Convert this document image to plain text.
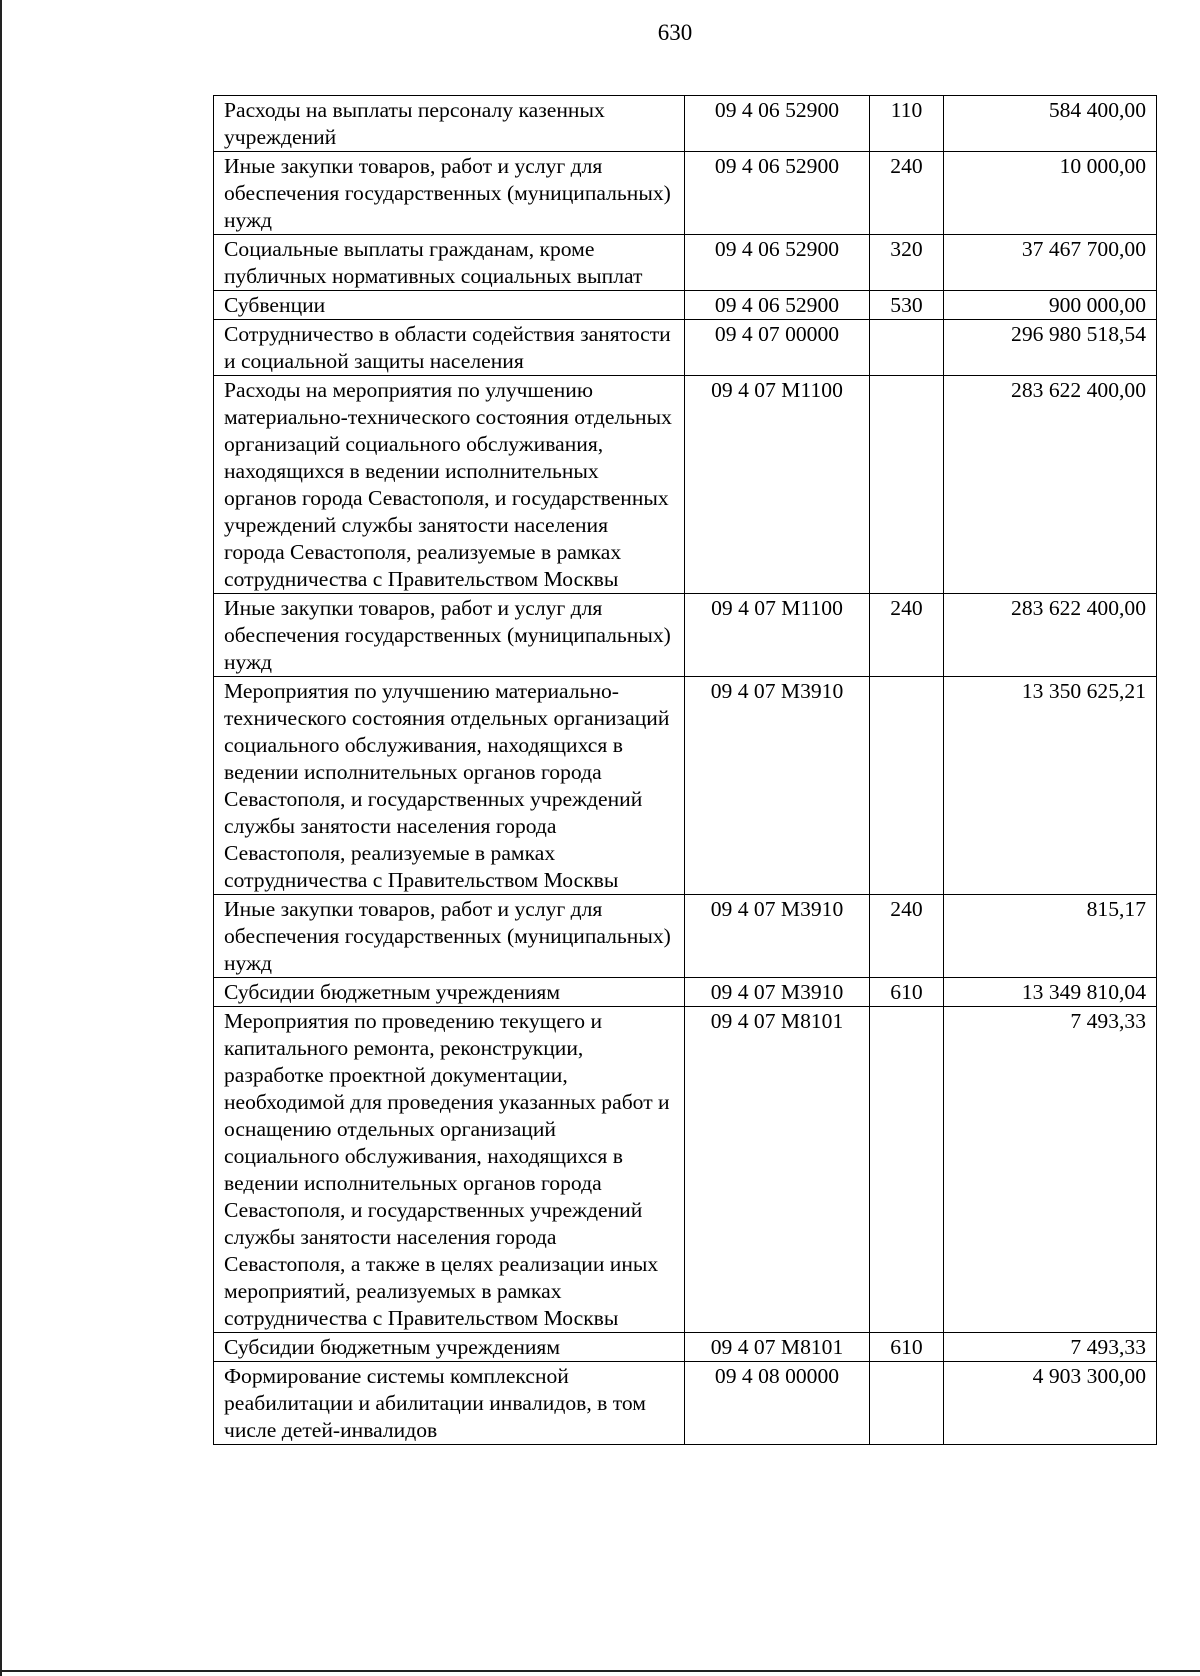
630
Расходы на выплаты персоналу казенных учреждений	09 4 06 52900	110	584 400,00
Иные закупки товаров, работ и услуг для обеспечения государственных (муниципальных) нужд	09 4 06 52900	240	10 000,00
Социальные выплаты гражданам, кроме публичных нормативных социальных выплат	09 4 06 52900	320	37 467 700,00
Субвенции	09 4 06 52900	530	900 000,00
Сотрудничество в области содействия занятости и социальной защиты населения	09 4 07 00000		296 980 518,54
Расходы на мероприятия по улучшению материально-технического состояния отдельных организаций социального обслуживания, находящихся в ведении исполнительных органов города Севастополя, и государственных учреждений службы занятости населения города Севастополя, реализуемые в рамках сотрудничества с Правительством Москвы	09 4 07 М1100		283 622 400,00
Иные закупки товаров, работ и услуг для обеспечения государственных (муниципальных) нужд	09 4 07 М1100	240	283 622 400,00
Мероприятия по улучшению материально-технического состояния отдельных организаций социального обслуживания, находящихся в ведении исполнительных органов города Севастополя, и государственных учреждений службы занятости населения города Севастополя, реализуемые в рамках сотрудничества с Правительством Москвы	09 4 07 М3910		13 350 625,21
Иные закупки товаров, работ и услуг для обеспечения государственных (муниципальных) нужд	09 4 07 М3910	240	815,17
Субсидии бюджетным учреждениям	09 4 07 М3910	610	13 349 810,04
Мероприятия по проведению текущего и капитального ремонта, реконструкции, разработке проектной документации, необходимой для проведения указанных работ и оснащению отдельных организаций социального обслуживания, находящихся в ведении исполнительных органов города Севастополя, и государственных учреждений службы занятости населения города Севастополя, а также в целях реализации иных мероприятий, реализуемых в рамках сотрудничества с Правительством Москвы	09 4 07 М8101		7 493,33
Субсидии бюджетным учреждениям	09 4 07 М8101	610	7 493,33
Формирование системы комплексной реабилитации и абилитации инвалидов, в том числе детей-инвалидов	09 4 08 00000		4 903 300,00
